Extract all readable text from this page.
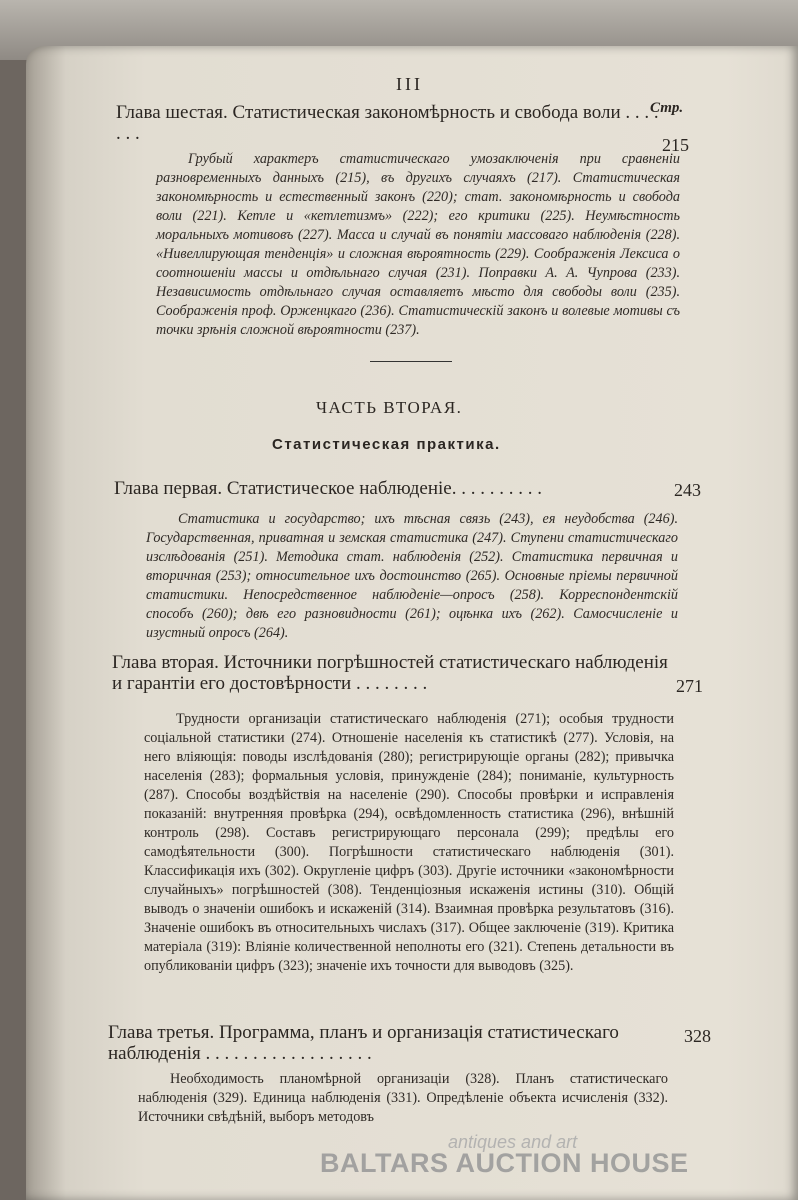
III
Стр.
Глава шестая. Статистическая закономѣрность и свобода воли . . . . . . .
215

Грубый характеръ статистическаго умозаключенія при сравненіи разновременныхъ данныхъ (215), въ другихъ случаяхъ (217). Статистическая закономѣрность и естественный законъ (220); стат. закономѣрность и свобода воли (221). Кетле и «кетлетизмъ» (222); его критики (225). Неумѣстность моральныхъ мотивовъ (227). Масса и случай въ понятіи массоваго наблюденія (228). «Нивеллирующая тенденція» и сложная вѣроятность (229). Соображенія Лексиса о соотношеніи массы и отдѣльнаго случая (231). Поправки А. А. Чупрова (233). Независимость отдѣльнаго случая оставляетъ мѣсто для свободы воли (235). Соображенія проф. Орженцкаго (236). Статистическій законъ и волевые мотивы съ точки зрѣнія сложной вѣроятности (237).

ЧАСТЬ ВТОРАЯ.
Статистическая практика.
Глава первая. Статистическое наблюденіе. . . . . . . . . .	243

Статистика и государство; ихъ тѣсная связь (243), ея неудобства (246). Государственная, приватная и земская статистика (247). Ступени статистическаго изслѣдованія (251). Методика стат. наблюденія (252). Статистика первичная и вторичная (253); относительное ихъ достоинство (265). Основные пріемы первичной статистики. Непосредственное наблюденіе—опросъ (258). Корреспондентскій способъ (260); двѣ его разновидности (261); оцѣнка ихъ (262). Самосчисленіе и изустный опросъ (264).

Глава вторая. Источники погрѣшностей статистическаго наблюденія и гарантіи его достовѣрности . . . . . . . .	271

Трудности организаціи статистическаго наблюденія (271); особыя трудности соціальной статистики (274). Отношеніе населенія къ статистикѣ (277). Условія, на него вліяющія: поводы изслѣдованія (280); регистрирующіе органы (282); привычка населенія (283); формальныя условія, принужденіе (284); пониманіе, культурность (287). Способы воздѣйствія на населеніе (290). Способы провѣрки и исправленія показаній: внутренняя провѣрка (294), освѣдомленность статистика (296), внѣшній контроль (298). Составъ регистрирующаго персонала (299); предѣлы его самодѣятельности (300). Погрѣшности статистическаго наблюденія (301). Классификація ихъ (302). Округленіе цифръ (303). Другіе источники «закономѣрности случайныхъ» погрѣшностей (308). Тенденціозныя искаженія истины (310). Общій выводъ о значеніи ошибокъ и искаженій (314). Взаимная провѣрка результатовъ (316). Значеніе ошибокъ въ относительныхъ числахъ (317). Общее заключеніе (319). Критика матеріала (319): Вліяніе количественной неполноты его (321). Степень детальности въ опубликованіи цифръ (323); значеніе ихъ точности для выводовъ (325).

Глава третья. Программа, планъ и организація статистическаго наблюденія . . . . . . . . . . . . . . . . . .
328

Необходимость планомѣрной организаціи (328). Планъ статистическаго наблюденія (329). Единица наблюденія (331). Опредѣленіе объекта исчисленія (332). Источники свѣдѣній, выборъ методовъ

antiques and art
BALTARS AUCTION HOUSE
